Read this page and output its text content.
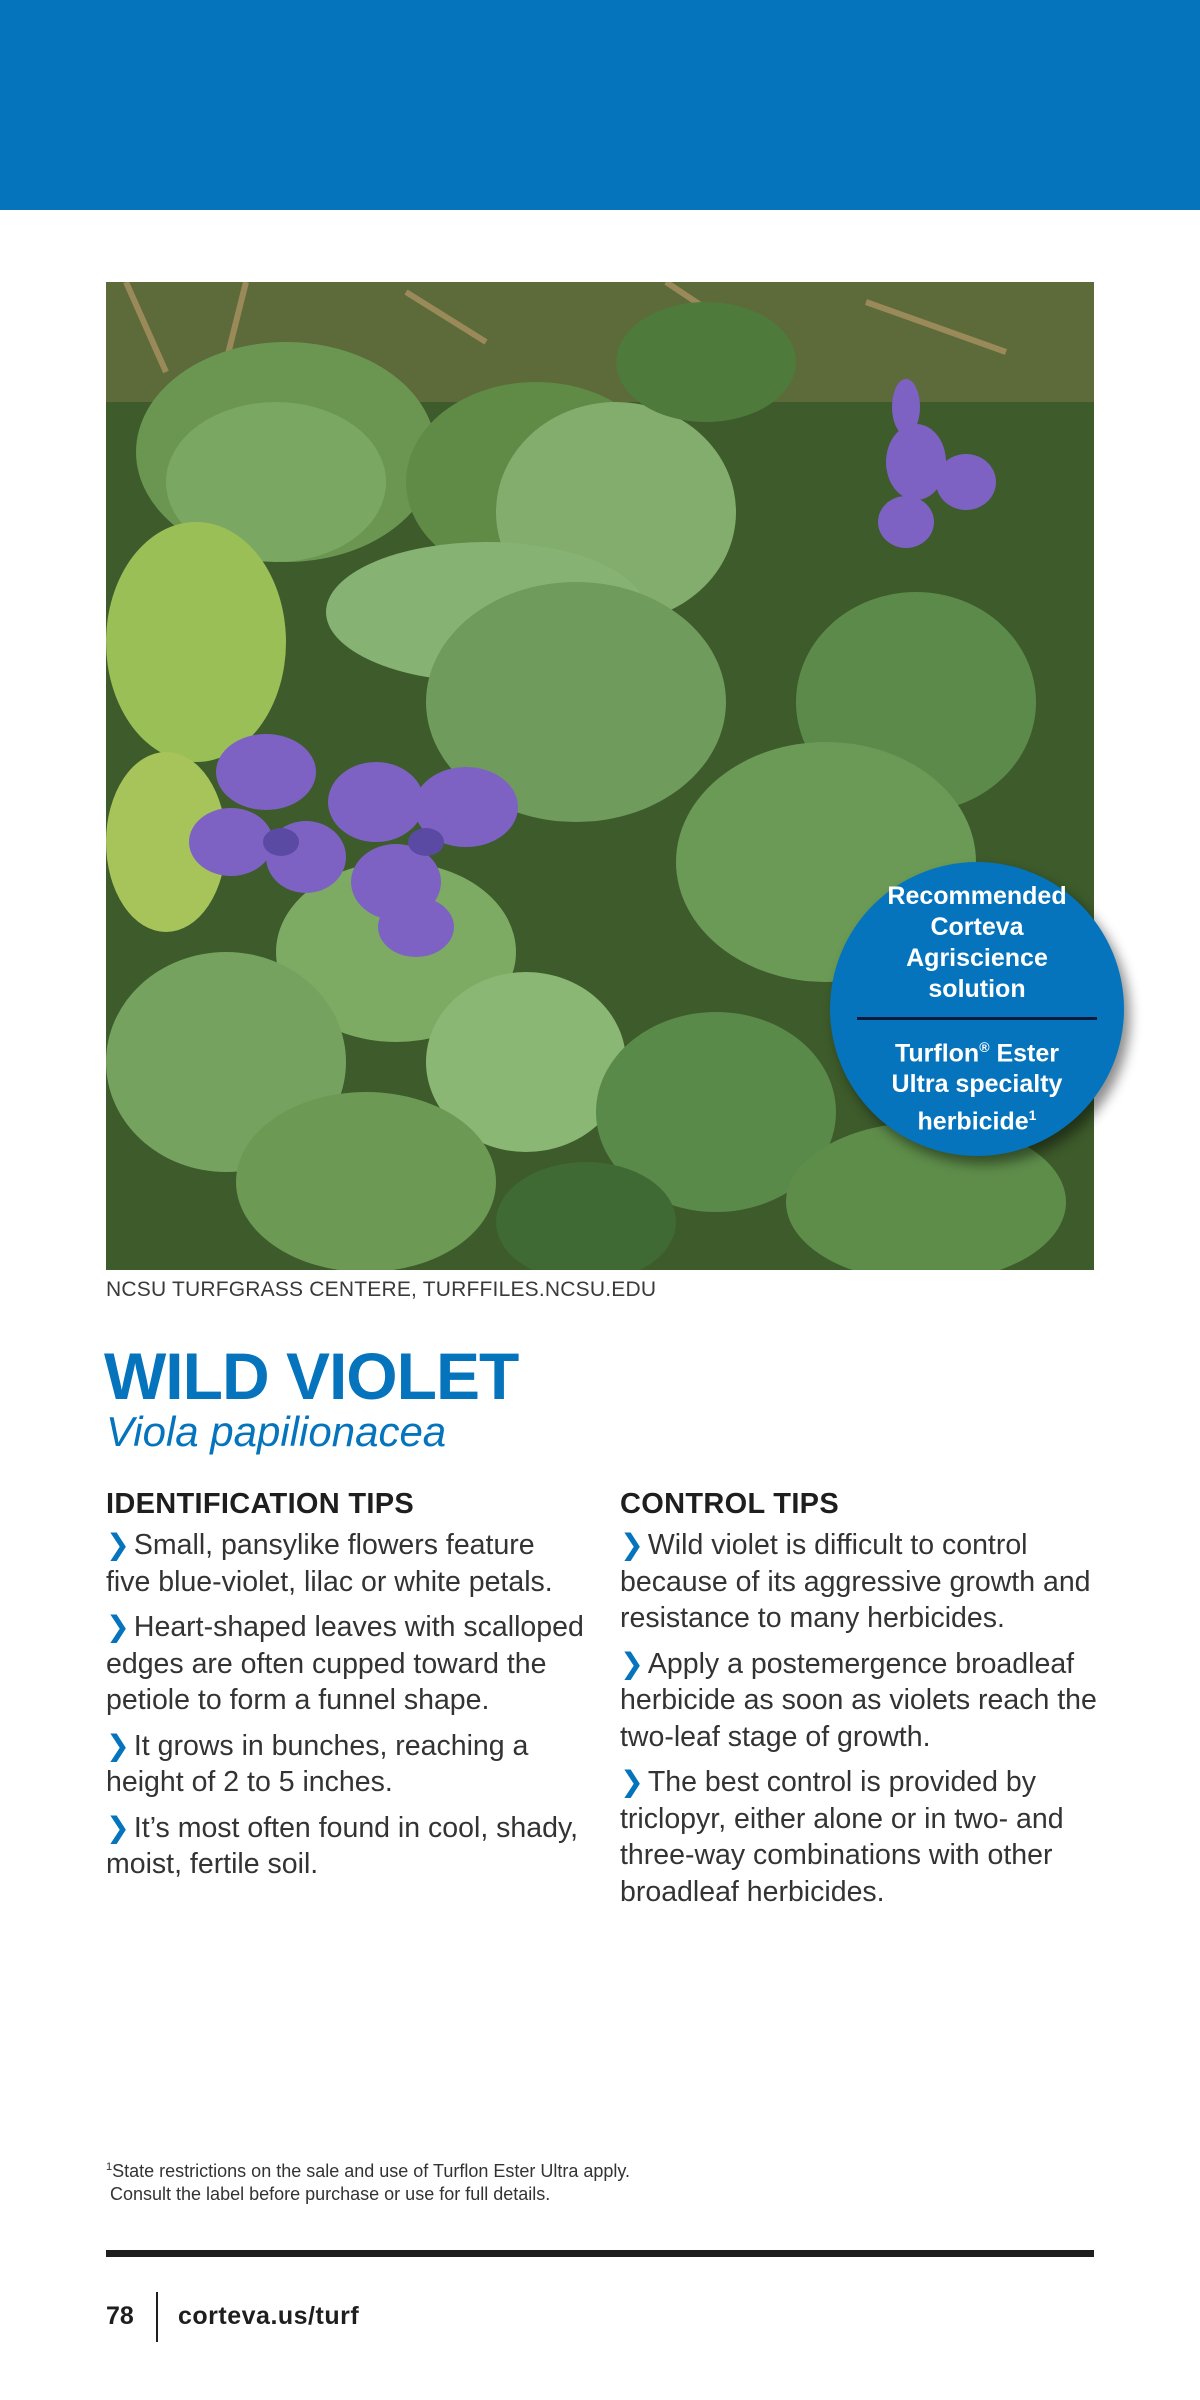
Recommended Corteva Agriscience solution
Turflon® Ester Ultra specialty herbicide$^1$
NCSU TURFGRASS CENTERE, TURFFILES.NCSU.EDU
WILD VIOLET
Viola papilionacea
IDENTIFICATION TIPS
❯ Small, pansylike flowers feature five blue-violet, lilac or white petals.
❯ Heart-shaped leaves with scalloped edges are often cupped toward the petiole to form a funnel shape.
❯ It grows in bunches, reaching a height of 2 to 5 inches.
❯ It’s most often found in cool, shady, moist, fertile soil.
CONTROL TIPS
❯ Wild violet is difficult to control because of its aggressive growth and resistance to many herbicides.
❯ Apply a postemergence broadleaf herbicide as soon as violets reach the two-leaf stage of growth.
❯ The best control is provided by triclopyr, either alone or in two- and three-way combinations with other broadleaf herbicides.
$^1$State restrictions on the sale and use of Turflon Ester Ultra apply.
Consult the label before purchase or use for full details.
78 corteva.us/turf
